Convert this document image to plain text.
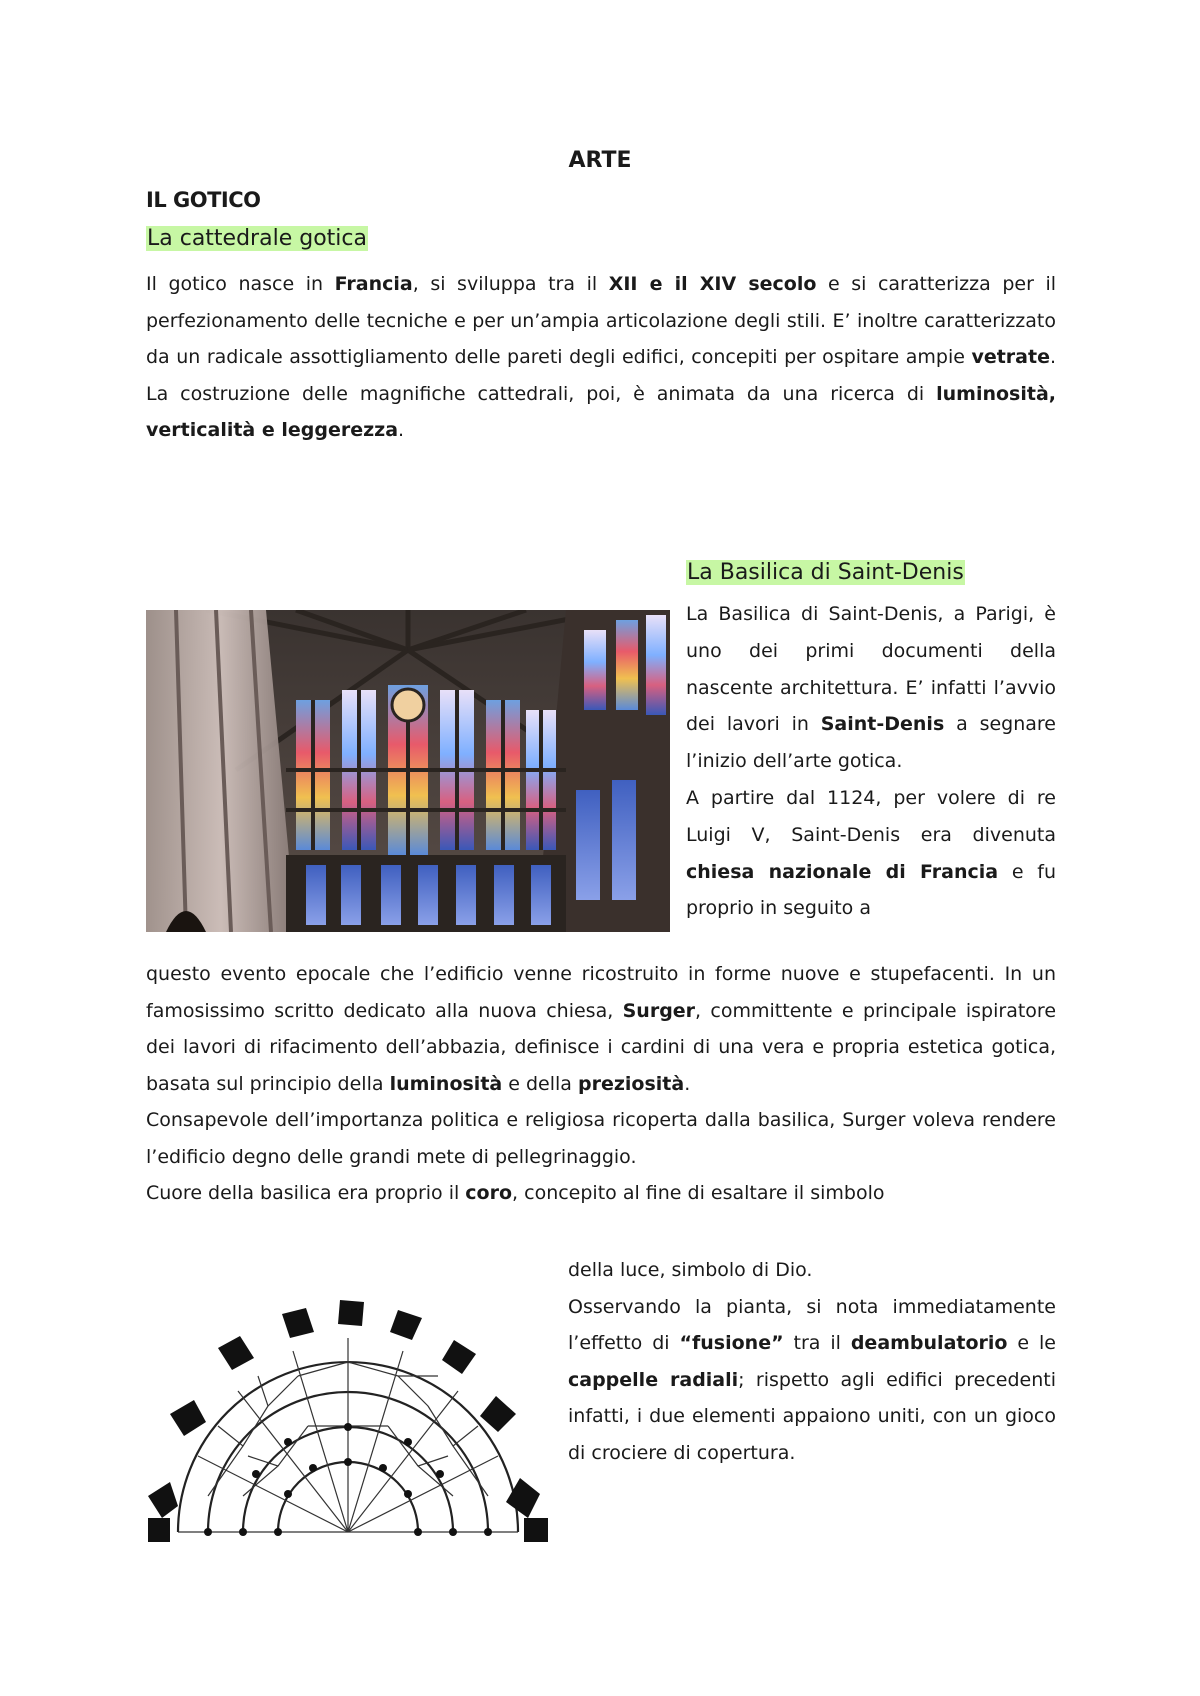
ARTE
IL GOTICO
La cattedrale gotica

Il gotico nasce in Francia, si sviluppa tra il XII e il XIV secolo e si caratterizza per il perfezionamento delle tecniche e per un’ampia articolazione degli stili. E’ inoltre caratterizzato da un radicale assottigliamento delle pareti degli edifici, concepiti per ospitare ampie vetrate. La costruzione delle magnifiche cattedrali, poi, è animata da una ricerca di luminosità, verticalità e leggerezza.

La Basilica di Saint-Denis

La Basilica di Saint-Denis, a Parigi, è uno dei primi documenti della nascente architettura. E’ infatti l’avvio dei lavori in Saint-Denis a segnare l’inizio dell’arte gotica.

A partire dal 1124, per volere di re Luigi V, Saint-Denis era divenuta chiesa nazionale di Francia e fu proprio in seguito a

questo evento epocale che l’edificio venne ricostruito in forme nuove e stupefacenti. In un famosissimo scritto dedicato alla nuova chiesa, Surger, committente e principale ispiratore dei lavori di rifacimento dell’abbazia, definisce i cardini di una vera e propria estetica gotica, basata sul principio della luminosità e della preziosità.

Consapevole dell’importanza politica e religiosa ricoperta dalla basilica, Surger voleva rendere l’edificio degno delle grandi mete di pellegrinaggio.

Cuore della basilica era proprio il coro, concepito al fine di esaltare il simbolo

della luce, simbolo di Dio.

Osservando la pianta, si nota immediatamente l’effetto di “fusione” tra il deambulatorio e le cappelle radiali; rispetto agli edifici precedenti infatti, i due elementi appaiono uniti, con un gioco di crociere di copertura.
